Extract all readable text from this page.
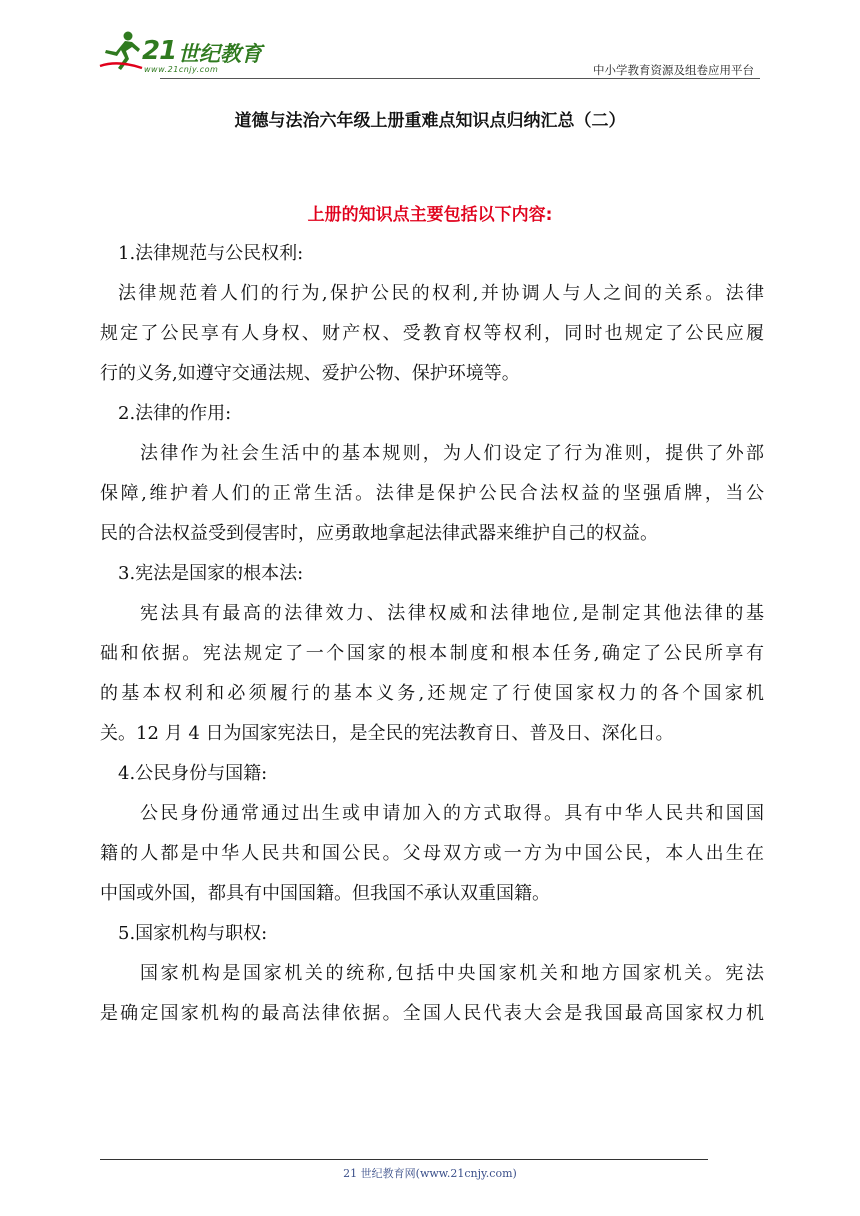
21 世纪教育
www.21cnjy.com	中小学教育资源及组卷应用平台
道德与法治六年级上册重难点知识点归纳汇总（二）
上册的知识点主要包括以下内容:
1.法律规范与公民权利:
法律规范着人们的行为,保护公民的权利,并协调人与人之间的关系。法律
规定了公民享有人身权、财产权、受教育权等权利，同时也规定了公民应履
行的义务,如遵守交通法规、爱护公物、保护环境等。
2.法律的作用:
法律作为社会生活中的基本规则，为人们设定了行为准则，提供了外部
保障,维护着人们的正常生活。法律是保护公民合法权益的坚强盾牌，当公
民的合法权益受到侵害时，应勇敢地拿起法律武器来维护自己的权益。
3.宪法是国家的根本法:
宪法具有最高的法律效力、法律权威和法律地位,是制定其他法律的基
础和依据。宪法规定了一个国家的根本制度和根本任务,确定了公民所享有
的基本权利和必须履行的基本义务,还规定了行使国家权力的各个国家机
关。12 月 4 日为国家宪法日，是全民的宪法教育日、普及日、深化日。
4.公民身份与国籍:
公民身份通常通过出生或申请加入的方式取得。具有中华人民共和国国
籍的人都是中华人民共和国公民。父母双方或一方为中国公民，本人出生在
中国或外国，都具有中国国籍。但我国不承认双重国籍。
5.国家机构与职权:
国家机构是国家机关的统称,包括中央国家机关和地方国家机关。宪法
是确定国家机构的最高法律依据。全国人民代表大会是我国最高国家权力机
21 世纪教育网(www.21cnjy.com)
